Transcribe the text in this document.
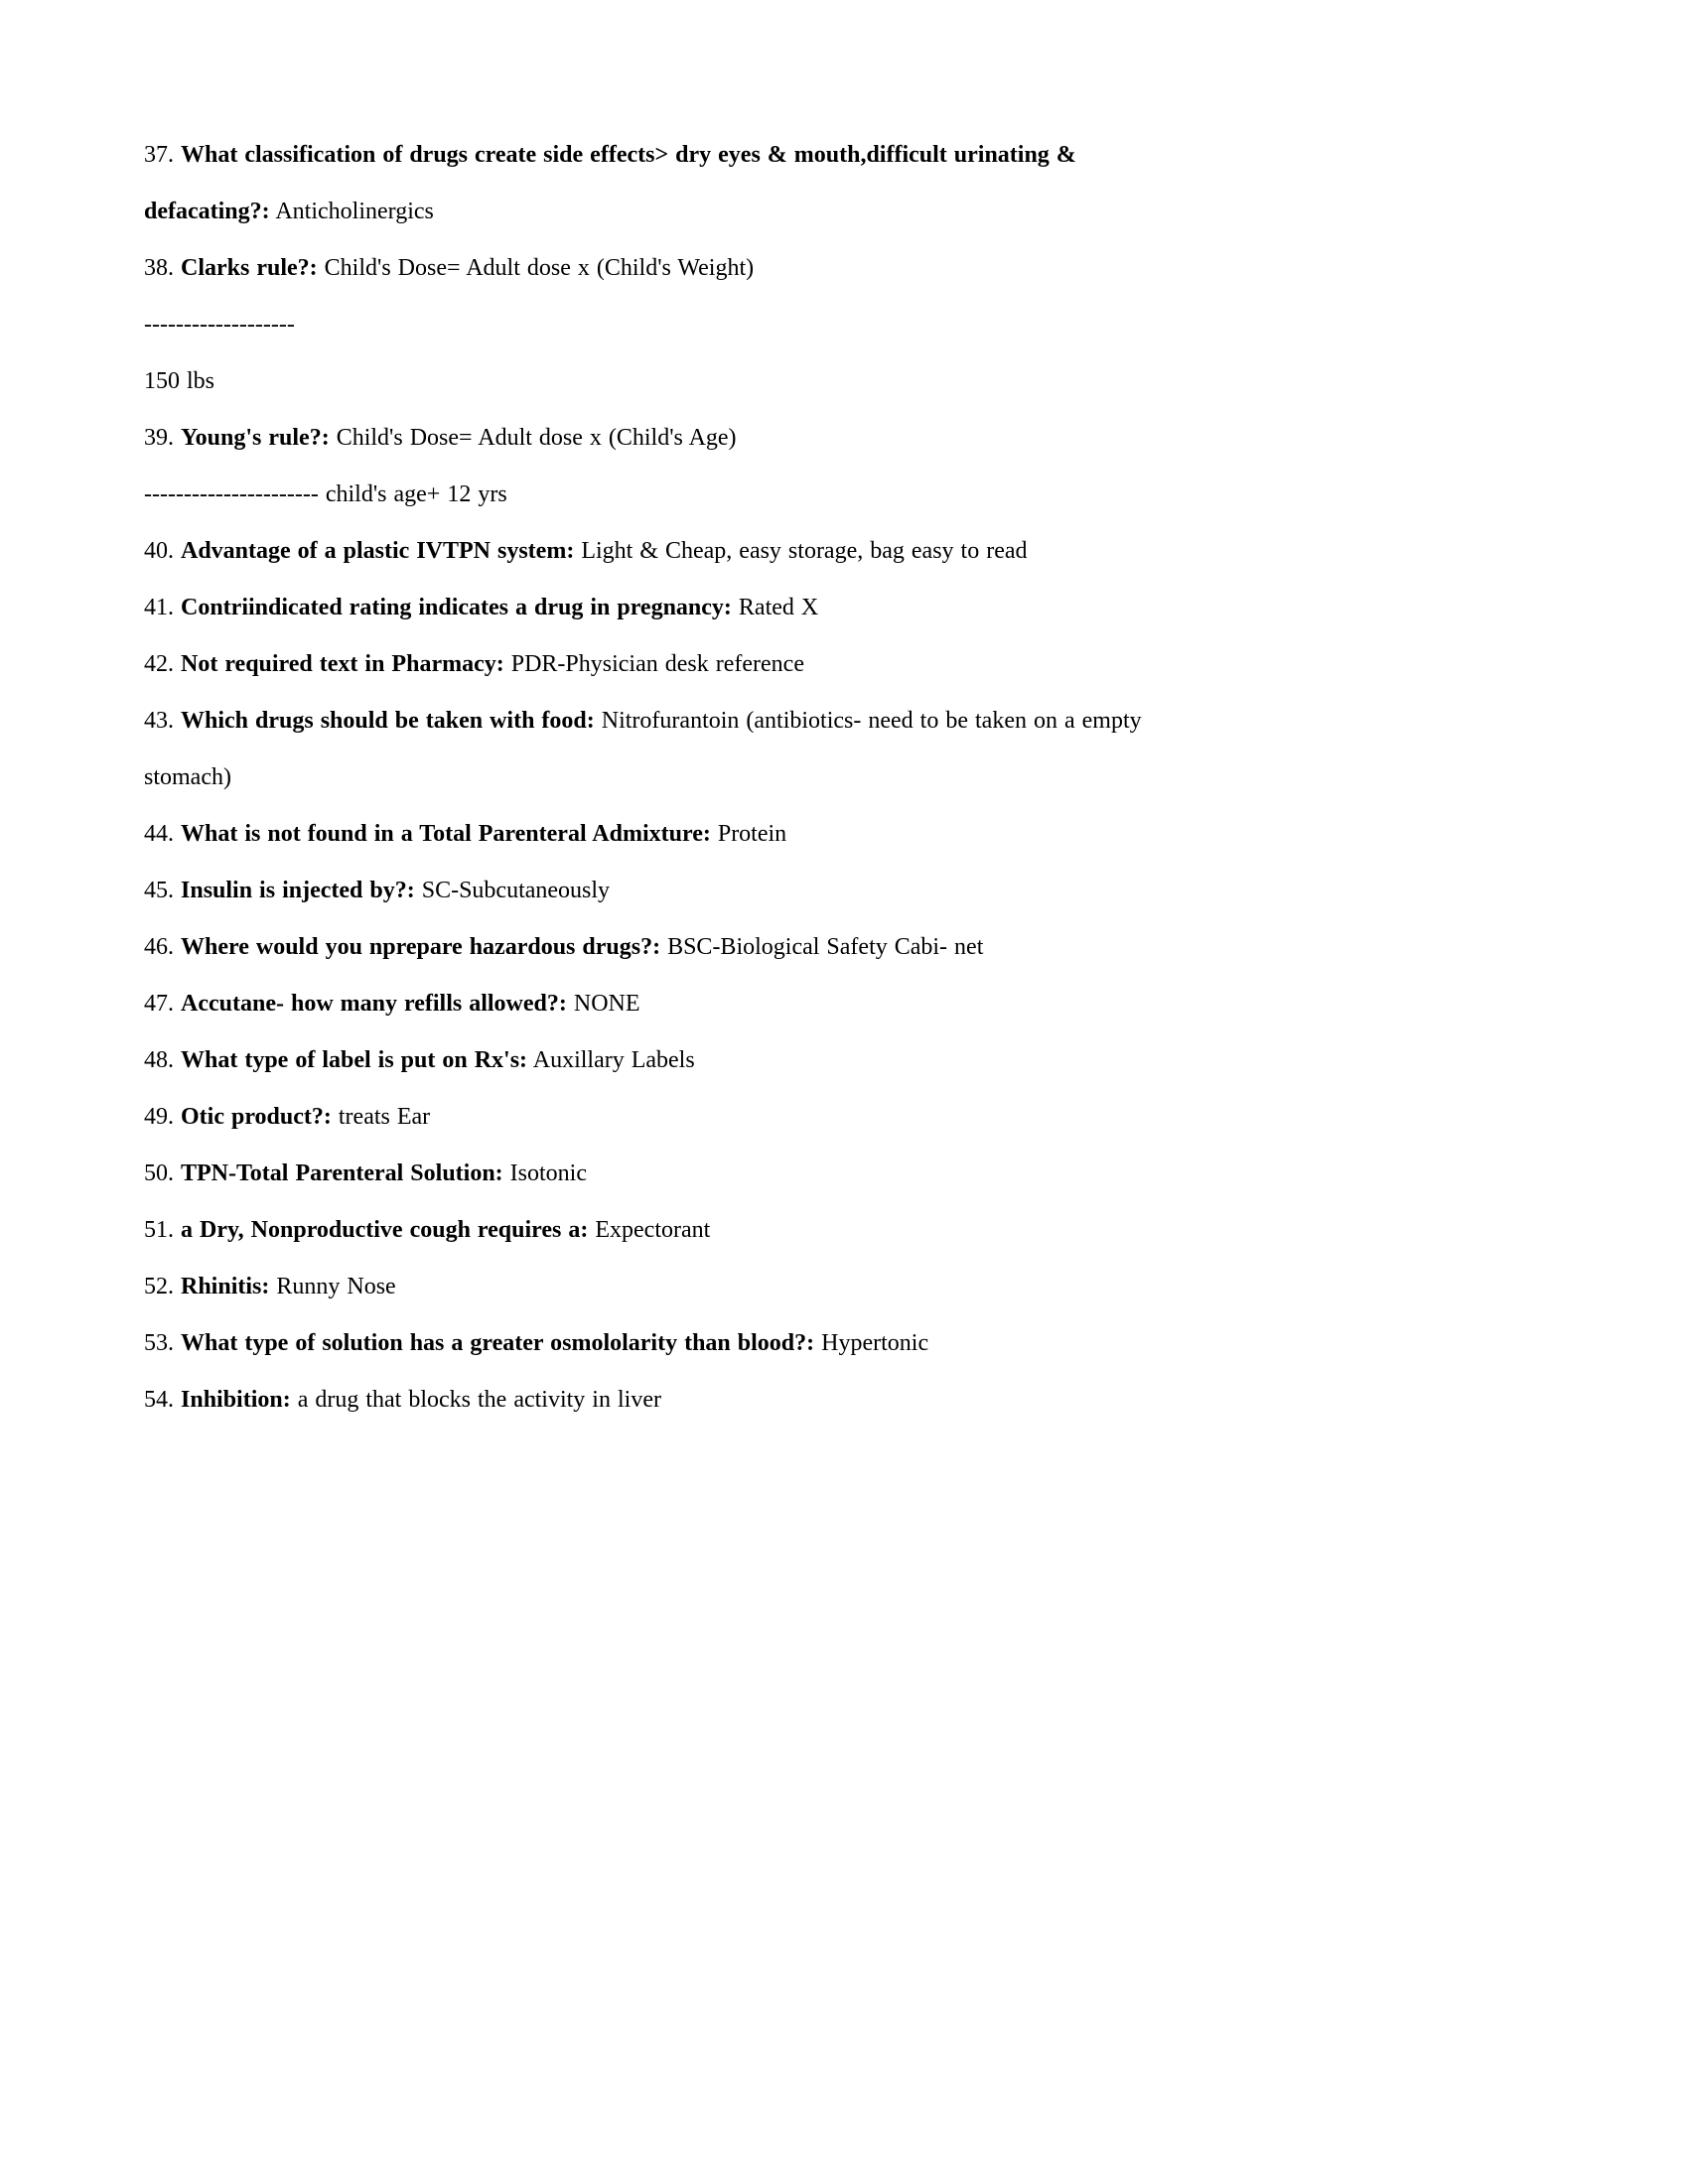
37. What classification of drugs create side effects> dry eyes & mouth,difficult urinating & defacating?: Anticholinergics

38. Clarks rule?: Child's Dose= Adult dose x (Child's Weight)

-------------------

150 lbs

39. Young's rule?: Child's Dose= Adult dose x (Child's Age)

---------------------- child's age+ 12 yrs

40. Advantage of a plastic IVTPN system: Light & Cheap, easy storage, bag easy to read

41. Contriindicated rating indicates a drug in pregnancy: Rated X

42. Not required text in Pharmacy: PDR-Physician desk reference

43. Which drugs should be taken with food: Nitrofurantoin (antibiotics- need to be taken on a empty stomach)

44. What is not found in a Total Parenteral Admixture: Protein

45. Insulin is injected by?: SC-Subcutaneously

46. Where would you nprepare hazardous drugs?: BSC-Biological Safety Cabi- net

47. Accutane- how many refills allowed?: NONE

48. What type of label is put on Rx's: Auxillary Labels

49. Otic product?: treats Ear

50. TPN-Total Parenteral Solution: Isotonic

51. a Dry, Nonproductive cough requires a: Expectorant

52. Rhinitis: Runny Nose

53. What type of solution has a greater osmololarity than blood?: Hypertonic

54. Inhibition: a drug that blocks the activity in liver
